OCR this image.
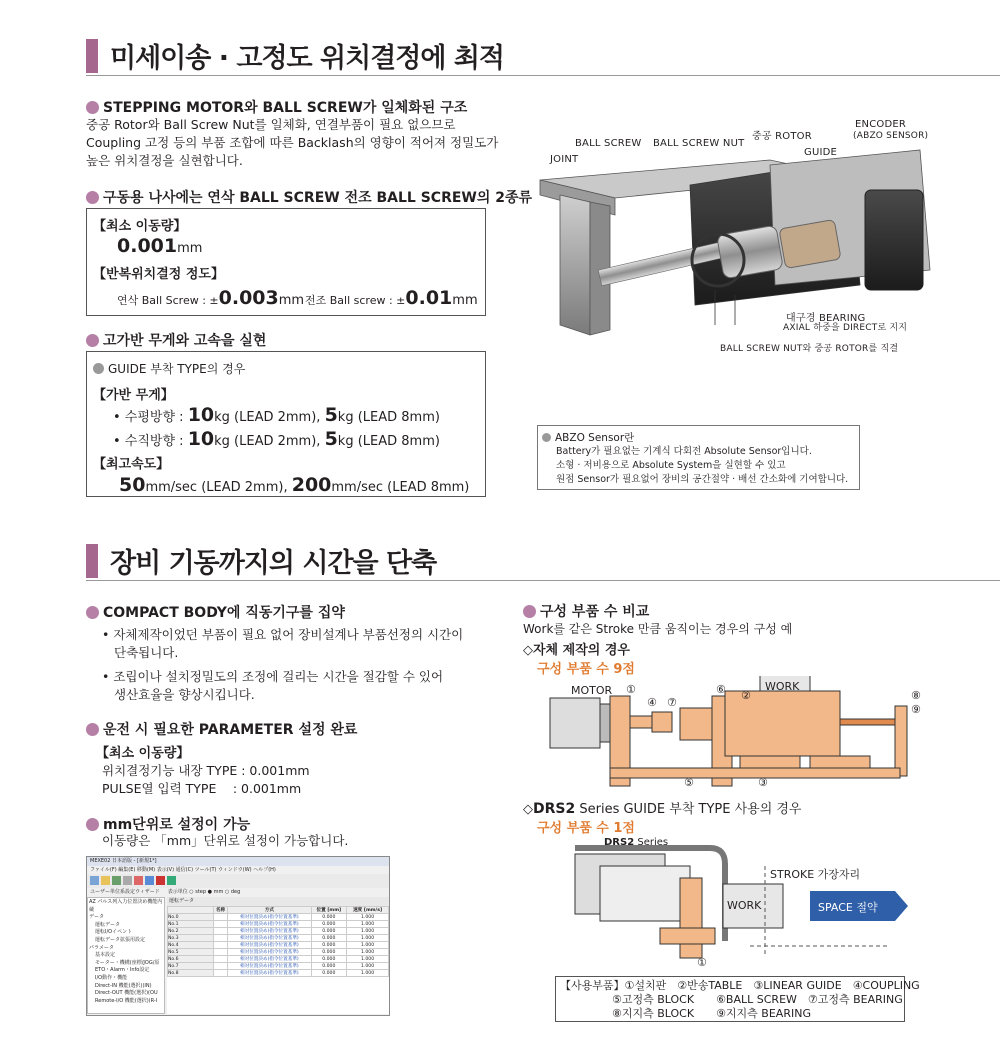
미세이송 · 고정도 위치결정에 최적
STEPPING MOTOR와 BALL SCREW가 일체화된 구조
중공 Rotor와 Ball Screw Nut를 일체화, 연결부품이 필요 없으므로
Coupling 고정 등의 부품 조합에 따른 Backlash의 영향이 적어져 정밀도가
높은 위치결정을 실현합니다.
구동용 나사에는 연삭 BALL SCREW 전조 BALL SCREW의 2종류
【최소 이동량】
0.001mm
【반복위치결정 정도】
연삭 Ball Screw : ±0.003mm 전조 Ball screw : ±0.01mm
고가반 무게와 고속을 실현
GUIDE 부착 TYPE의 경우
【가반 무게】
• 수평방향 : 10kg (LEAD 2mm), 5kg (LEAD 8mm)
• 수직방향 : 10kg (LEAD 2mm), 5kg (LEAD 8mm)
【최고속도】
50mm/sec (LEAD 2mm), 200mm/sec (LEAD 8mm)
JOINT
BALL SCREW BALL SCREW NUT
중공 ROTOR
GUIDE
ENCODER
(ABZO SENSOR)
대구경 BEARING
AXIAL 하중을 DIRECT로 지지
BALL SCREW NUT와 중공 ROTOR를 직결
ABZO Sensor란
Battery가 필요없는 기계식 다회전 Absolute Sensor입니다.
소형 · 저비용으로 Absolute System을 실현할 수 있고
원점 Sensor가 필요없어 장비의 공간절약 · 배선 간소화에 기여합니다.
장비 기동까지의 시간을 단축
COMPACT BODY에 직동기구를 집약
• 자체제작이었던 부품이 필요 없어 장비설계나 부품선정의 시간이
단축됩니다.
• 조립이나 설치정밀도의 조정에 걸리는 시간을 절감할 수 있어
생산효율을 향상시킵니다.
운전 시 필요한 PARAMETER 설정 완료
【최소 이동량】
위치결정기능 내장 TYPE : 0.001mm
PULSE열 입력 TYPE　 : 0.001mm
mm단위로 설정이 가능
이동량은 「mm」단위로 설정이 가능합니다.
MEXE02 日本語版 - [新規1*]
ファイル(F) 編集(E) 移動(M) 表示(V) 通信(C) ツール(T) ウィンドウ(W) ヘルプ(H)
ユーザー単位系設定ウィザード 表示単位 ○ step ● mm ○ deg
AZ パルス列入力位置決め機能内蔵
データ
運転データ
運転I/Oイベント
運転データ拡張用設定
パラメータ
基本設定
モーター・機構(座標/JOG/原
ETO・Alarm・Info設定
I/O動作・機能
Direct-IN 機能(選択)(IN)
Direct-OUT 機能(選択)(OU
Remote-I/O 機能(選択)(R-I
運転データ
	名称	方式	位置 [mm]	速度 [mm/s]
No.0		相対位置決め(指令位置基準)	0.000	1.000
No.1		相対位置決め(指令位置基準)	0.000	1.000
No.2		相対位置決め(指令位置基準)	0.000	1.000
No.3		相対位置決め(指令位置基準)	0.000	1.000
No.4		相対位置決め(指令位置基準)	0.000	1.000
No.5		相対位置決め(指令位置基準)	0.000	1.000
No.6		相対位置決め(指令位置基準)	0.000	1.000
No.7		相対位置決め(指令位置基準)	0.000	1.000
No.8		相対位置決め(指令位置基準)	0.000	1.000
구성 부품 수 비교
Work를 같은 Stroke 만큼 움직이는 경우의 구성 예
◇자체 제작의 경우
구성 부품 수 9점
MOTOR	WORK
①	②
③
④
⑤
⑥
⑦
⑧
⑨
◇DRS2 Series GUIDE 부착 TYPE 사용의 경우
구성 부품 수 1점
DRS2 Series
STROKE 가장자리
WORK	SPACE 절약
①
【사용부품】①설치판　②반송TABLE　③LINEAR GUIDE　④COUPLING
⑤고정측 BLOCK　　⑥BALL SCREW　⑦고정측 BEARING
⑧지지측 BLOCK　　⑨지지측 BEARING
